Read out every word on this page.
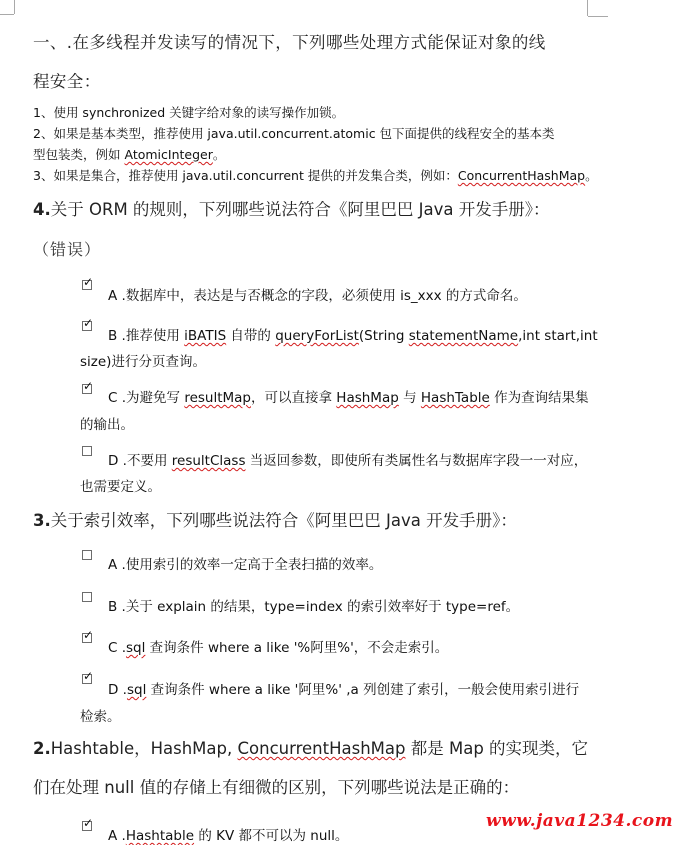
一、.在多线程并发读写的情况下，下列哪些处理方式能保证对象的线
程安全：
1、使用 synchronized 关键字给对象的读写操作加锁。
2、如果是基本类型，推荐使用 java.util.concurrent.atomic 包下面提供的线程安全的基本类
型包装类，例如 AtomicInteger。
3、如果是集合，推荐使用 java.util.concurrent 提供的并发集合类，例如：ConcurrentHashMap。
4.关于 ORM 的规则，下列哪些说法符合《阿里巴巴 Java 开发手册》：
（错误）
✓
A .数据库中，表达是与否概念的字段，必须使用 is_xxx 的方式命名。
✓
B .推荐使用 iBATIS 自带的 queryForList(String statementName,int start,int
size)进行分页查询。
✓
C .为避免写 resultMap，可以直接拿 HashMap 与 HashTable 作为查询结果集
的输出。
D .不要用 resultClass 当返回参数，即使所有类属性名与数据库字段一一对应，
也需要定义。
3.关于索引效率，下列哪些说法符合《阿里巴巴 Java 开发手册》：
A .使用索引的效率一定高于全表扫描的效率。
B .关于 explain 的结果，type=index 的索引效率好于 type=ref。
✓
C .sql 查询条件 where a like '%阿里%'，不会走索引。
✓
D .sql 查询条件 where a like '阿里%' ,a 列创建了索引，一般会使用索引进行
检索。
2.Hashtable，HashMap, ConcurrentHashMap 都是 Map 的实现类，它
们在处理 null 值的存储上有细微的区别，下列哪些说法是正确的：
✓
A .Hashtable 的 KV 都不可以为 null。
www.java1234.com
